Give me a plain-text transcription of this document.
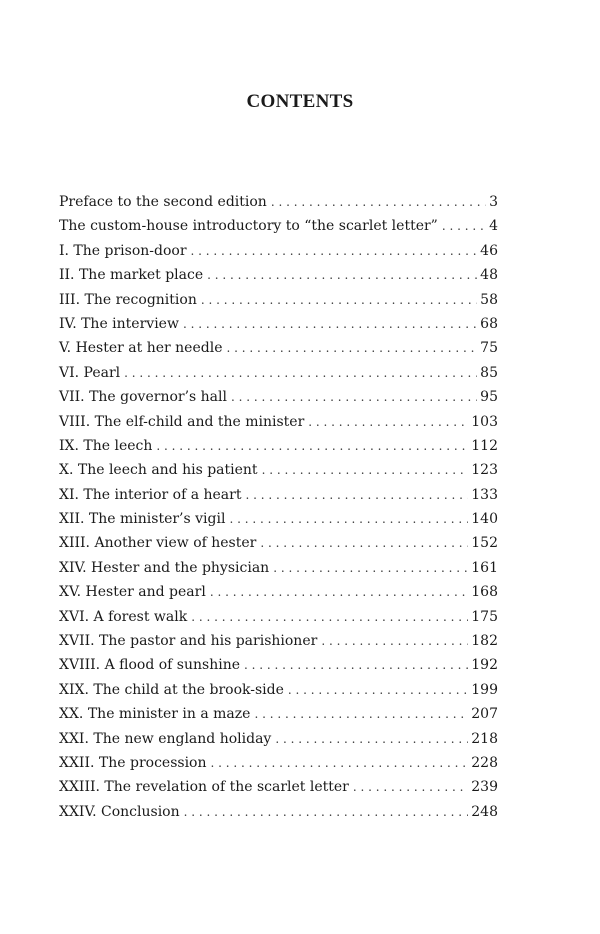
CONTENTS
Preface to the second edition . . .	3
The custom-house introductory to “the scarlet letter” . . .	4
I. The prison-door . . .	46
II. The market place . . .	48
III. The recognition . . .	58
IV. The interview . . .	68
V. Hester at her needle . . .	75
VI. Pearl . . .	85
VII. The governor’s hall . . .	95
VIII. The elf-child and the minister . . .	103
IX. The leech . . .	112
X. The leech and his patient . . .	123
XI. The interior of a heart . . .	133
XII. The minister’s vigil . . .	140
XIII. Another view of hester . . .	152
XIV. Hester and the physician . . .	161
XV. Hester and pearl . . .	168
XVI. A forest walk . . .	175
XVII. The pastor and his parishioner . . .	182
XVIII. A flood of sunshine . . .	192
XIX. The child at the brook-side . . .	199
XX. The minister in a maze . . .	207
XXI. The new england holiday . . .	218
XXII. The procession . . .	228
XXIII. The revelation of the scarlet letter . . .	239
XXIV. Conclusion . . .	248
